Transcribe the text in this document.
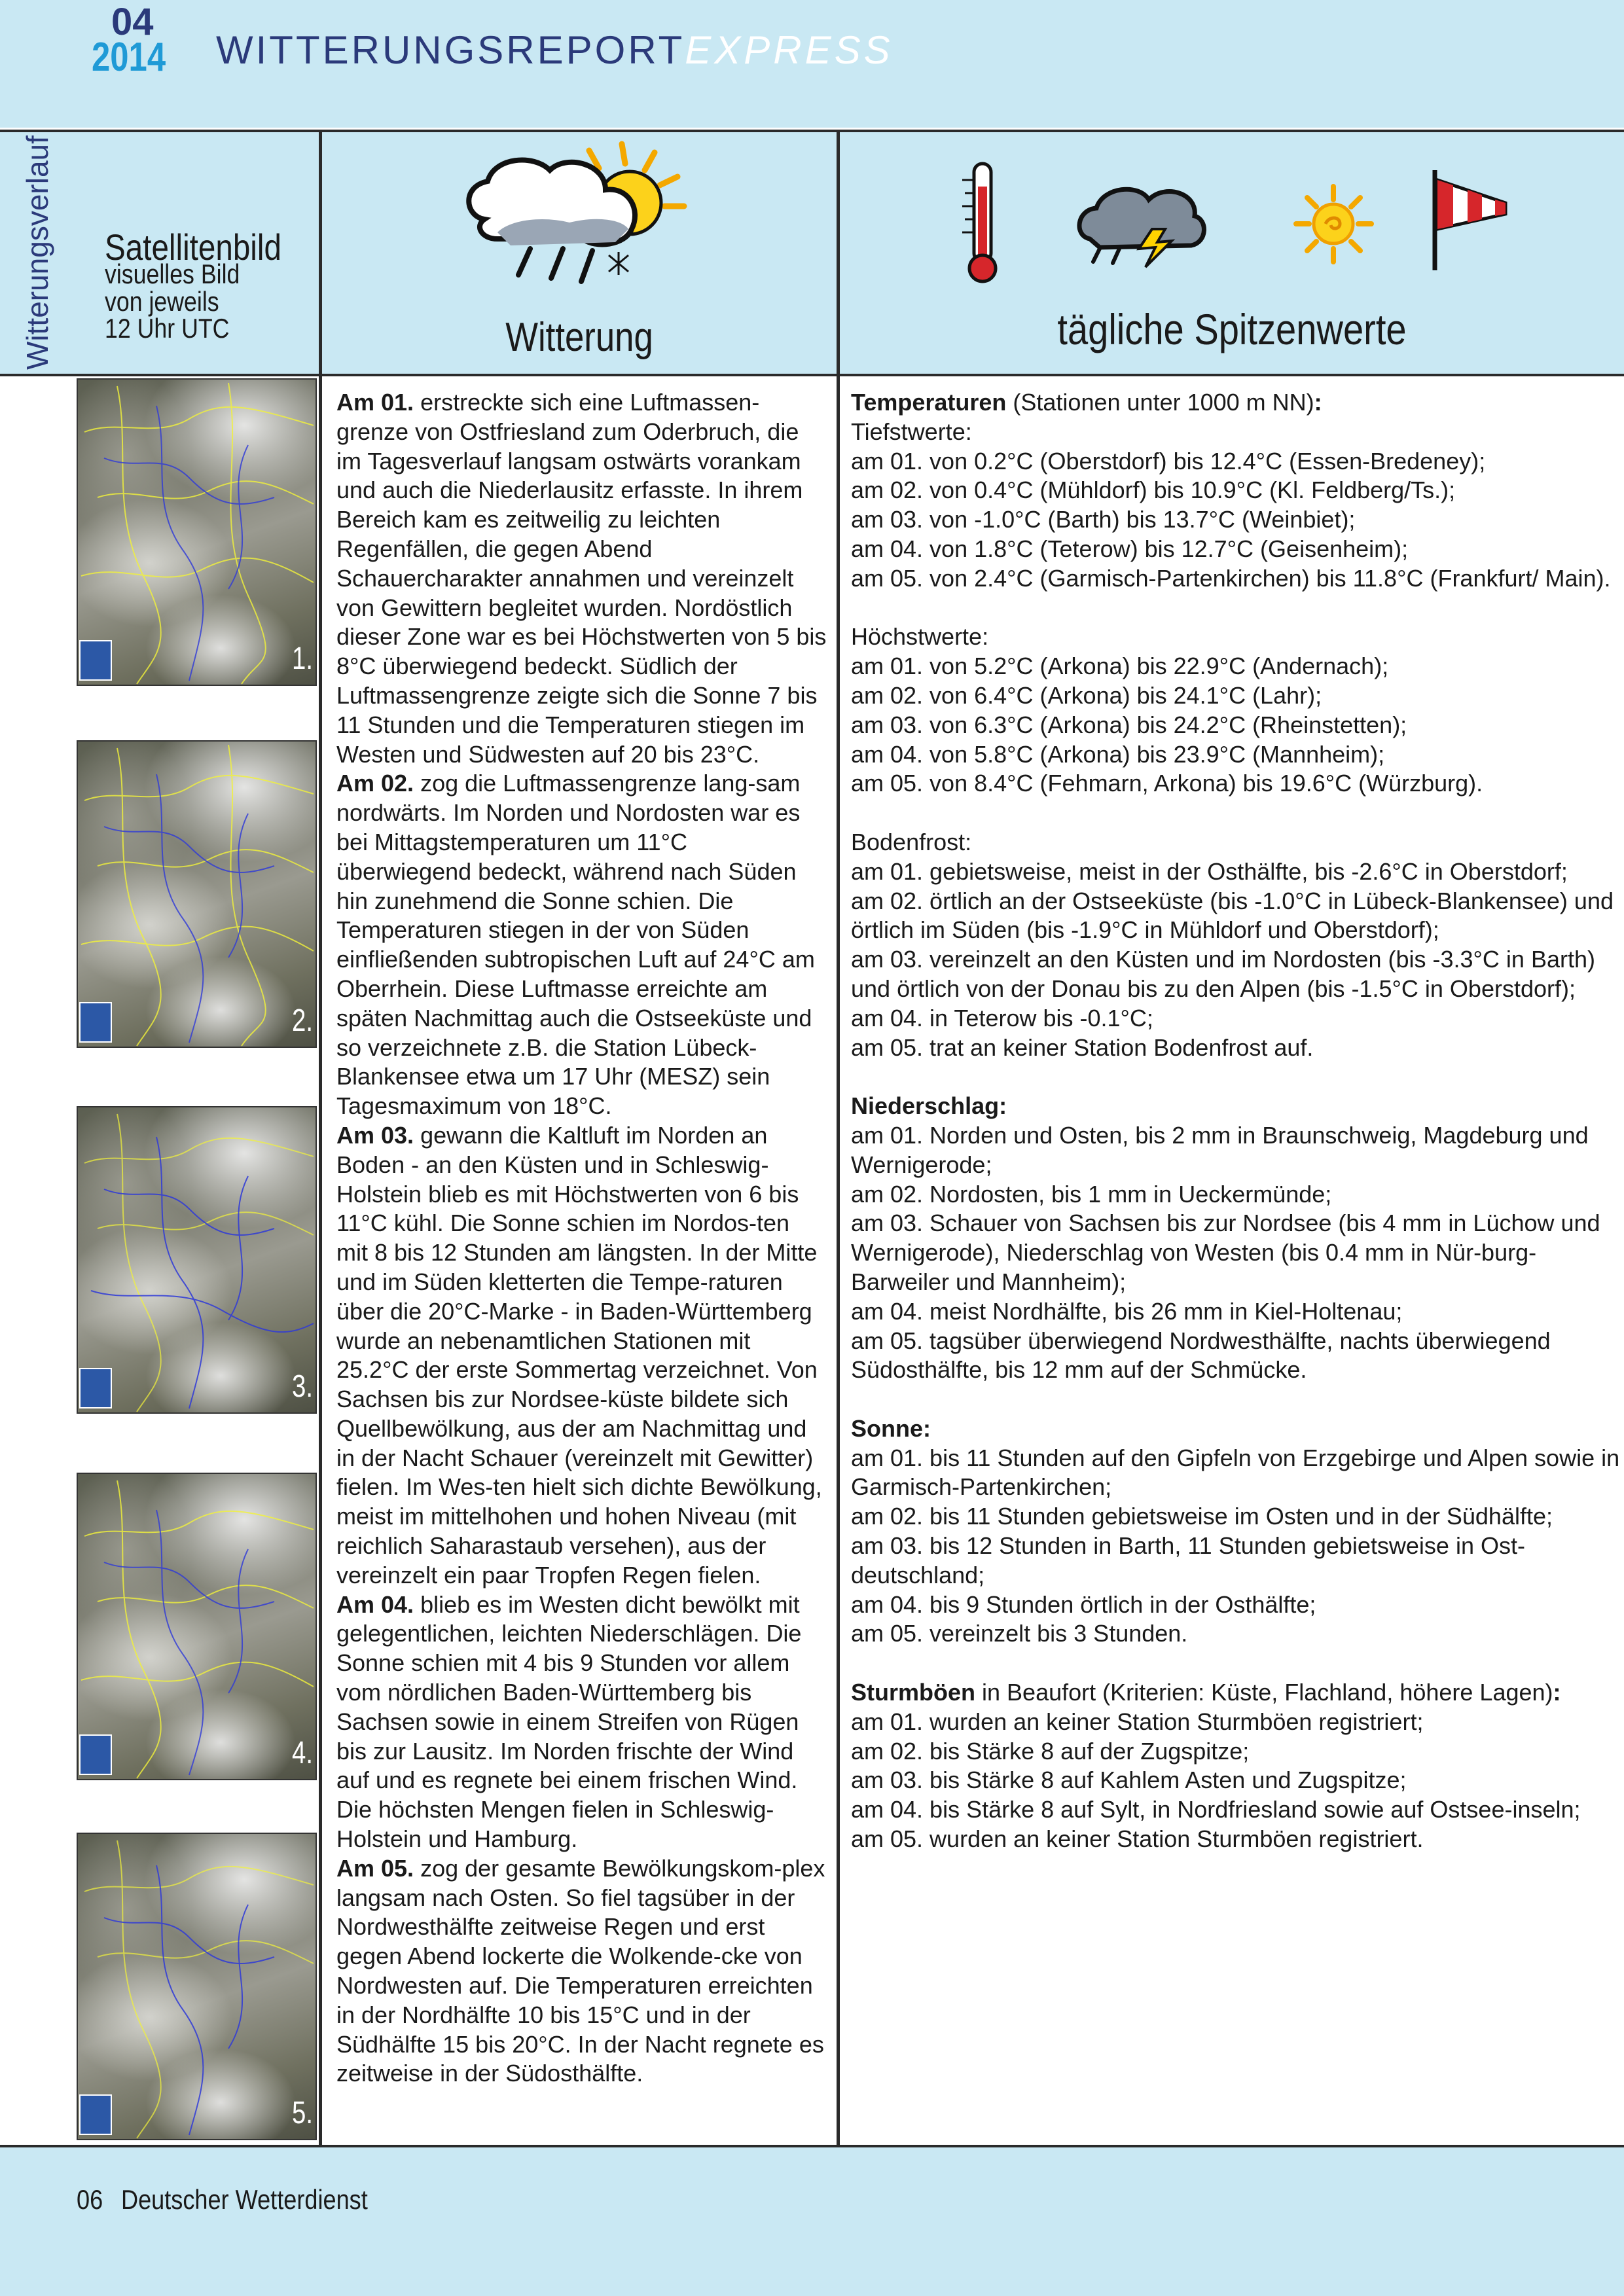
04
2014 WITTERUNGSREPORTEXPRESS
Witterungsverlauf Satellitenbild
visuelles Bild
von jeweils
12 Uhr UTC	Witterung	tägliche Spitzenwerte
1.
2.
3.
4.
5.

Am 01. erstreckte sich eine Luftmassen-grenze von Ostfriesland zum Oderbruch, die im Tagesverlauf langsam ostwärts vorankam und auch die Niederlausitz erfasste. In ihrem Bereich kam es zeitweilig zu leichten Regenfällen, die gegen Abend Schauercharakter annahmen und vereinzelt von Gewittern begleitet wurden. Nordöstlich dieser Zone war es bei Höchstwerten von 5 bis 8°C überwiegend bedeckt. Südlich der Luftmassengrenze zeigte sich die Sonne 7 bis 11 Stunden und die Temperaturen stiegen im Westen und Südwesten auf 20 bis 23°C.

Am 02. zog die Luftmassengrenze lang-sam nordwärts. Im Norden und Nordosten war es bei Mittagstemperaturen um 11°C überwiegend bedeckt, während nach Süden hin zunehmend die Sonne schien. Die Temperaturen stiegen in der von Süden einfließenden subtropischen Luft auf 24°C am Oberrhein. Diese Luftmasse erreichte am späten Nachmittag auch die Ostseeküste und so verzeichnete z.B. die Station Lübeck-Blankensee etwa um 17 Uhr (MESZ) sein Tagesmaximum von 18°C.

Am 03. gewann die Kaltluft im Norden an Boden - an den Küsten und in Schleswig-Holstein blieb es mit Höchstwerten von 6 bis 11°C kühl. Die Sonne schien im Nordos-ten mit 8 bis 12 Stunden am längsten. In der Mitte und im Süden kletterten die Tempe-raturen über die 20°C-Marke - in Baden-Württemberg wurde an nebenamtlichen Stationen mit 25.2°C der erste Sommertag verzeichnet. Von Sachsen bis zur Nordsee-küste bildete sich Quellbewölkung, aus der am Nachmittag und in der Nacht Schauer (vereinzelt mit Gewitter) fielen. Im Wes-ten hielt sich dichte Bewölkung, meist im mittelhohen und hohen Niveau (mit reichlich Saharastaub versehen), aus der vereinzelt ein paar Tropfen Regen fielen.

Am 04. blieb es im Westen dicht bewölkt mit gelegentlichen, leichten Niederschlägen. Die Sonne schien mit 4 bis 9 Stunden vor allem vom nördlichen Baden-Württemberg bis Sachsen sowie in einem Streifen von Rügen bis zur Lausitz. Im Norden frischte der Wind auf und es regnete bei einem frischen Wind. Die höchsten Mengen fielen in Schleswig-Holstein und Hamburg.

Am 05. zog der gesamte Bewölkungskom-plex langsam nach Osten. So fiel tagsüber in der Nordwesthälfte zeitweise Regen und erst gegen Abend lockerte die Wolkende-cke von Nordwesten auf. Die Temperaturen erreichten in der Nordhälfte 10 bis 15°C und in der Südhälfte 15 bis 20°C. In der Nacht regnete es zeitweise in der Südosthälfte.

Temperaturen (Stationen unter 1000 m NN):

Tiefstwerte:

am 01. von 0.2°C (Oberstdorf) bis 12.4°C (Essen-Bredeney);

am 02. von 0.4°C (Mühldorf) bis 10.9°C (Kl. Feldberg/Ts.);

am 03. von -1.0°C (Barth) bis 13.7°C (Weinbiet);

am 04. von 1.8°C (Teterow) bis 12.7°C (Geisenheim);

am 05. von 2.4°C (Garmisch-Partenkirchen) bis 11.8°C (Frankfurt/ Main).

Höchstwerte:

am 01. von 5.2°C (Arkona) bis 22.9°C (Andernach);

am 02. von 6.4°C (Arkona) bis 24.1°C (Lahr);

am 03. von 6.3°C (Arkona) bis 24.2°C (Rheinstetten);

am 04. von 5.8°C (Arkona) bis 23.9°C (Mannheim);

am 05. von 8.4°C (Fehmarn, Arkona) bis 19.6°C (Würzburg).

Bodenfrost:

am 01. gebietsweise, meist in der Osthälfte, bis -2.6°C in Oberstdorf;

am 02. örtlich an der Ostseeküste (bis -1.0°C in Lübeck-Blankensee) und örtlich im Süden (bis -1.9°C in Mühldorf und Oberstdorf);

am 03. vereinzelt an den Küsten und im Nordosten (bis -3.3°C in Barth) und örtlich von der Donau bis zu den Alpen (bis -1.5°C in Oberstdorf);

am 04. in Teterow bis -0.1°C;

am 05. trat an keiner Station Bodenfrost auf.

Niederschlag:

am 01. Norden und Osten, bis 2 mm in Braunschweig, Magdeburg und Wernigerode;

am 02. Nordosten, bis 1 mm in Ueckermünde;

am 03. Schauer von Sachsen bis zur Nordsee (bis 4 mm in Lüchow und Wernigerode), Niederschlag von Westen (bis 0.4 mm in Nür-burg-Barweiler und Mannheim);

am 04. meist Nordhälfte, bis 26 mm in Kiel-Holtenau;

am 05. tagsüber überwiegend Nordwesthälfte, nachts überwiegend Südosthälfte, bis 12 mm auf der Schmücke.

Sonne:

am 01. bis 11 Stunden auf den Gipfeln von Erzgebirge und Alpen sowie in Garmisch-Partenkirchen;

am 02. bis 11 Stunden gebietsweise im Osten und in der Südhälfte;

am 03. bis 12 Stunden in Barth, 11 Stunden gebietsweise in Ost-deutschland;

am 04. bis 9 Stunden örtlich in der Osthälfte;

am 05. vereinzelt bis 3 Stunden.

Sturmböen in Beaufort (Kriterien: Küste, Flachland, höhere Lagen):

am 01. wurden an keiner Station Sturmböen registriert;

am 02. bis Stärke 8 auf der Zugspitze;

am 03. bis Stärke 8 auf Kahlem Asten und Zugspitze;

am 04. bis Stärke 8 auf Sylt, in Nordfriesland sowie auf Ostsee-inseln;

am 05. wurden an keiner Station Sturmböen registriert.

06 Deutscher Wetterdienst
